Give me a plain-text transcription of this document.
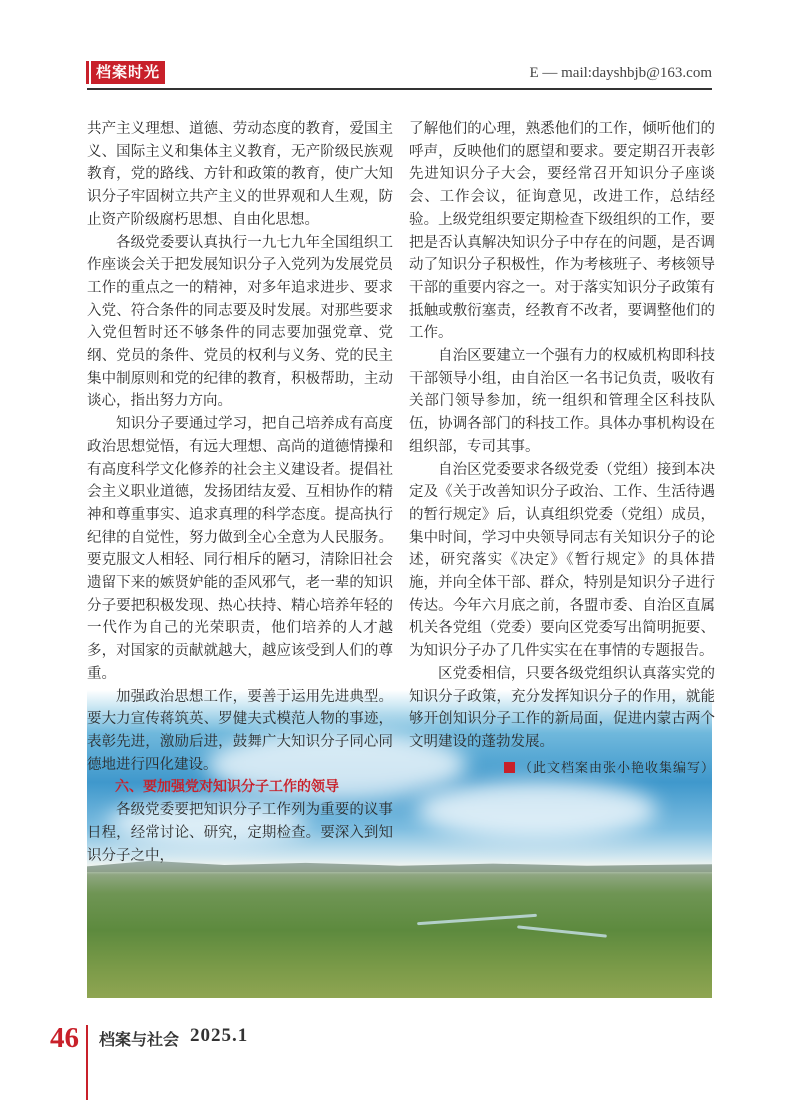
档案时光	E — mail:dayshbjb@163.com

共产主义理想、道德、劳动态度的教育，爱国主义、国际主义和集体主义教育，无产阶级民族观教育，党的路线、方针和政策的教育，使广大知识分子牢固树立共产主义的世界观和人生观，防止资产阶级腐朽思想、自由化思想。

各级党委要认真执行一九七九年全国组织工作座谈会关于把发展知识分子入党列为发展党员工作的重点之一的精神，对多年追求进步、要求入党、符合条件的同志要及时发展。对那些要求入党但暂时还不够条件的同志要加强党章、党纲、党员的条件、党员的权利与义务、党的民主集中制原则和党的纪律的教育，积极帮助，主动谈心，指出努力方向。

知识分子要通过学习，把自己培养成有高度政治思想觉悟，有远大理想、高尚的道德情操和有高度科学文化修养的社会主义建设者。提倡社会主义职业道德，发扬团结友爱、互相协作的精神和尊重事实、追求真理的科学态度。提高执行纪律的自觉性，努力做到全心全意为人民服务。要克服文人相轻、同行相斥的陋习，清除旧社会遗留下来的嫉贤妒能的歪风邪气，老一辈的知识分子要把积极发现、热心扶持、精心培养年轻的一代作为自己的光荣职责，他们培养的人才越多，对国家的贡献就越大，越应该受到人们的尊重。

加强政治思想工作，要善于运用先进典型。要大力宣传蒋筑英、罗健夫式模范人物的事迹，表彰先进，激励后进，鼓舞广大知识分子同心同德地进行四化建设。

六、要加强党对知识分子工作的领导

各级党委要把知识分子工作列为重要的议事日程，经常讨论、研究，定期检查。要深入到知识分子之中，

了解他们的心理，熟悉他们的工作，倾听他们的呼声，反映他们的愿望和要求。要定期召开表彰先进知识分子大会，要经常召开知识分子座谈会、工作会议，征询意见，改进工作，总结经验。上级党组织要定期检查下级组织的工作，要把是否认真解决知识分子中存在的问题，是否调动了知识分子积极性，作为考核班子、考核领导干部的重要内容之一。对于落实知识分子政策有抵触或敷衍塞责，经教育不改者，要调整他们的工作。

自治区要建立一个强有力的权威机构即科技干部领导小组，由自治区一名书记负责，吸收有关部门领导参加，统一组织和管理全区科技队伍，协调各部门的科技工作。具体办事机构设在组织部，专司其事。

自治区党委要求各级党委（党组）接到本决定及《关于改善知识分子政治、工作、生活待遇的暂行规定》后，认真组织党委（党组）成员，集中时间，学习中央领导同志有关知识分子的论述，研究落实《决定》《暂行规定》的具体措施，并向全体干部、群众，特别是知识分子进行传达。今年六月底之前，各盟市委、自治区直属机关各党组（党委）要向区党委写出简明扼要、为知识分子办了几件实实在在事情的专题报告。

区党委相信，只要各级党组织认真落实党的知识分子政策，充分发挥知识分子的作用，就能够开创知识分子工作的新局面，促进内蒙古两个文明建设的蓬勃发展。

（此文档案由张小艳收集编写）

46 档案与社会 2025.1
